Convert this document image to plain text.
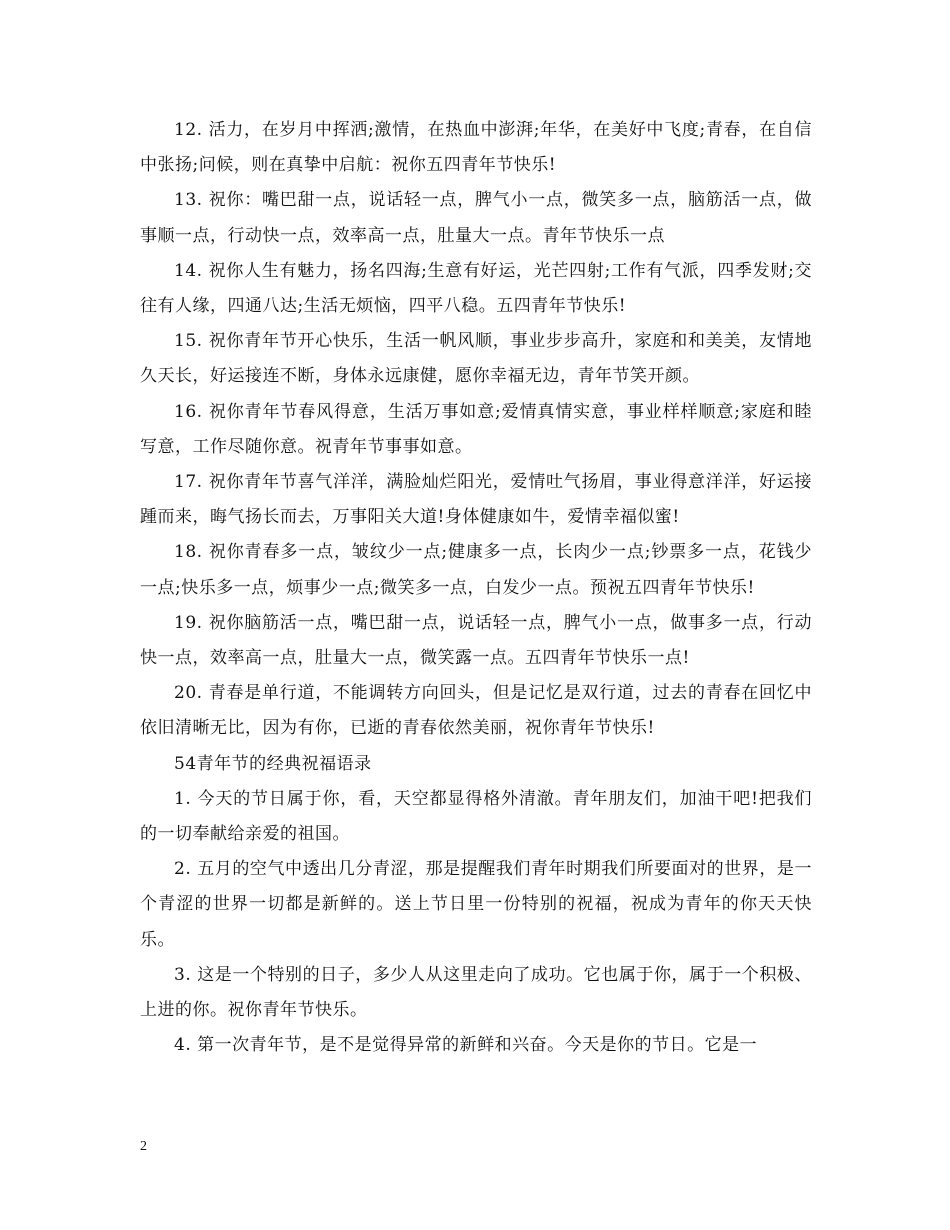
12. 活力，在岁月中挥洒;激情，在热血中澎湃;年华，在美好中飞度;青春，在自信中张扬;问候，则在真挚中启航：祝你五四青年节快乐!

13. 祝你：嘴巴甜一点，说话轻一点，脾气小一点，微笑多一点，脑筋活一点，做事顺一点，行动快一点，效率高一点，肚量大一点。青年节快乐一点

14. 祝你人生有魅力，扬名四海;生意有好运，光芒四射;工作有气派，四季发财;交往有人缘，四通八达;生活无烦恼，四平八稳。五四青年节快乐!

15. 祝你青年节开心快乐，生活一帆风顺，事业步步高升，家庭和和美美，友情地久天长，好运接连不断，身体永远康健，愿你幸福无边，青年节笑开颜。

16. 祝你青年节春风得意，生活万事如意;爱情真情实意，事业样样顺意;家庭和睦写意，工作尽随你意。祝青年节事事如意。

17. 祝你青年节喜气洋洋，满脸灿烂阳光，爱情吐气扬眉，事业得意洋洋，好运接踵而来，晦气扬长而去，万事阳关大道!身体健康如牛，爱情幸福似蜜!

18. 祝你青春多一点，皱纹少一点;健康多一点，长肉少一点;钞票多一点，花钱少一点;快乐多一点，烦事少一点;微笑多一点，白发少一点。预祝五四青年节快乐!

19. 祝你脑筋活一点，嘴巴甜一点，说话轻一点，脾气小一点，做事多一点，行动快一点，效率高一点，肚量大一点，微笑露一点。五四青年节快乐一点!

20. 青春是单行道，不能调转方向回头，但是记忆是双行道，过去的青春在回忆中依旧清晰无比，因为有你，已逝的青春依然美丽，祝你青年节快乐!

54青年节的经典祝福语录

1. 今天的节日属于你，看，天空都显得格外清澈。青年朋友们，加油干吧!把我们的一切奉献给亲爱的祖国。

2. 五月的空气中透出几分青涩，那是提醒我们青年时期我们所要面对的世界，是一个青涩的世界一切都是新鲜的。送上节日里一份特别的祝福，祝成为青年的你天天快乐。

3. 这是一个特别的日子，多少人从这里走向了成功。它也属于你，属于一个积极、上进的你。祝你青年节快乐。

4. 第一次青年节，是不是觉得异常的新鲜和兴奋。今天是你的节日。它是一

2
